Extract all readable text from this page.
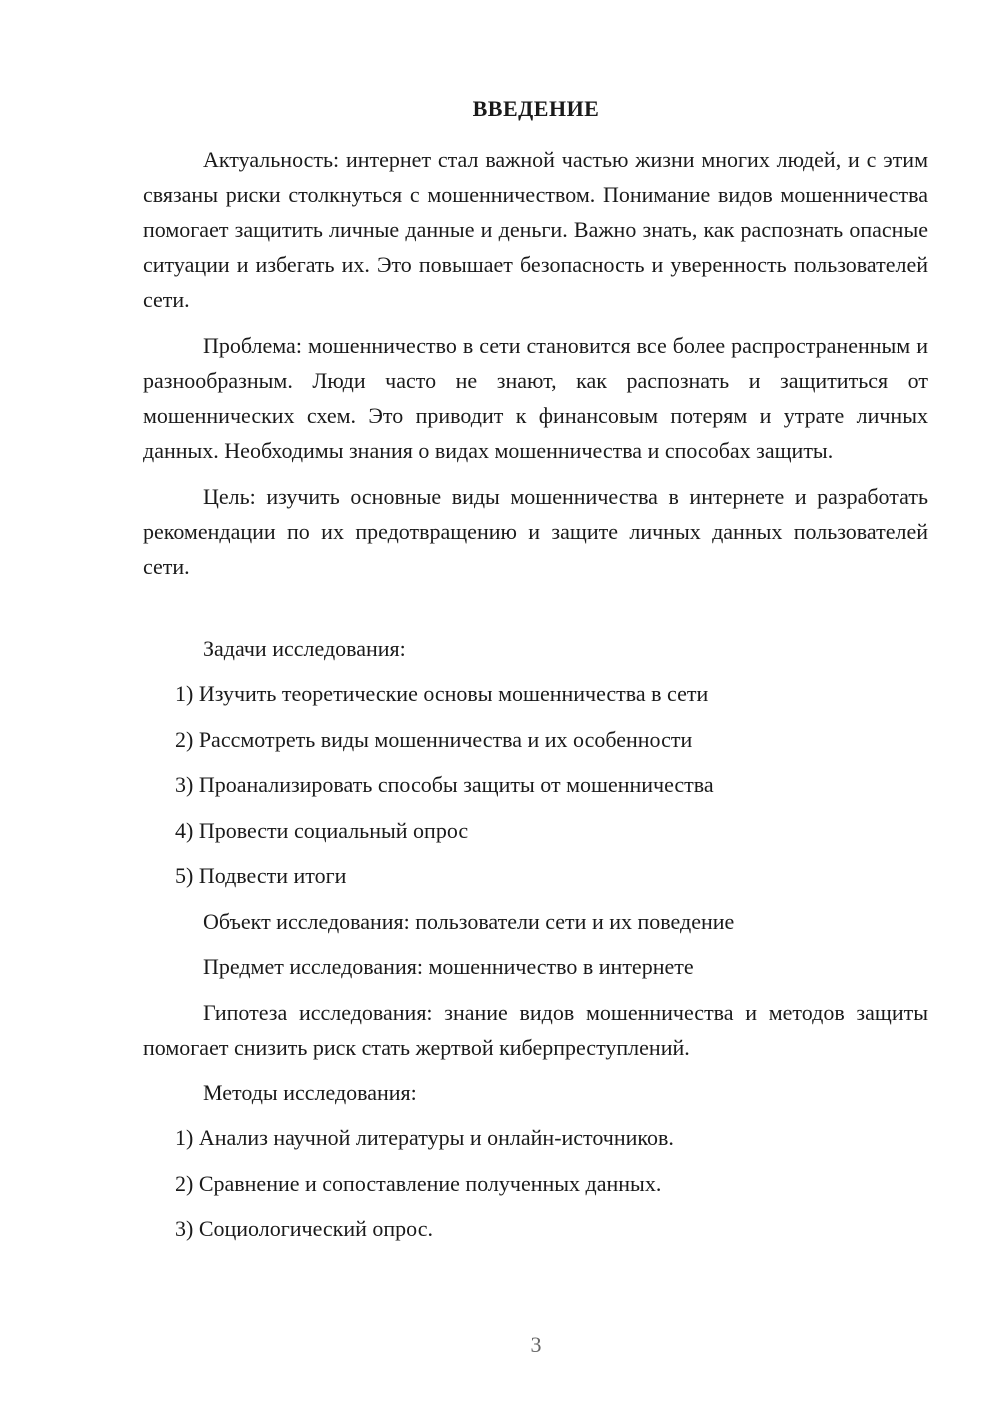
ВВЕДЕНИЕ

Актуальность: интернет стал важной частью жизни многих людей, и с этим связаны риски столкнуться с мошенничеством. Понимание видов мошенничества помогает защитить личные данные и деньги. Важно знать, как распознать опасные ситуации и избегать их. Это повышает безопасность и уверенность пользователей сети.

Проблема: мошенничество в сети становится все более распространенным и разнообразным. Люди часто не знают, как распознать и защититься от мошеннических схем. Это приводит к финансовым потерям и утрате личных данных. Необходимы знания о видах мошенничества и способах защиты.

Цель: изучить основные виды мошенничества в интернете и разработать рекомендации по их предотвращению и защите личных данных пользователей сети.

Задачи исследования:
1) Изучить теоретические основы мошенничества в сети
2) Рассмотреть виды мошенничества и их особенности
3) Проанализировать способы защиты от мошенничества
4) Провести социальный опрос
5) Подвести итоги
Объект исследования: пользователи сети и их поведение
Предмет исследования: мошенничество в интернете

Гипотеза исследования: знание видов мошенничества и методов защиты помогает снизить риск стать жертвой киберпреступлений.

Методы исследования:
1) Анализ научной литературы и онлайн-источников.
2) Сравнение и сопоставление полученных данных.
3) Социологический опрос.
3
